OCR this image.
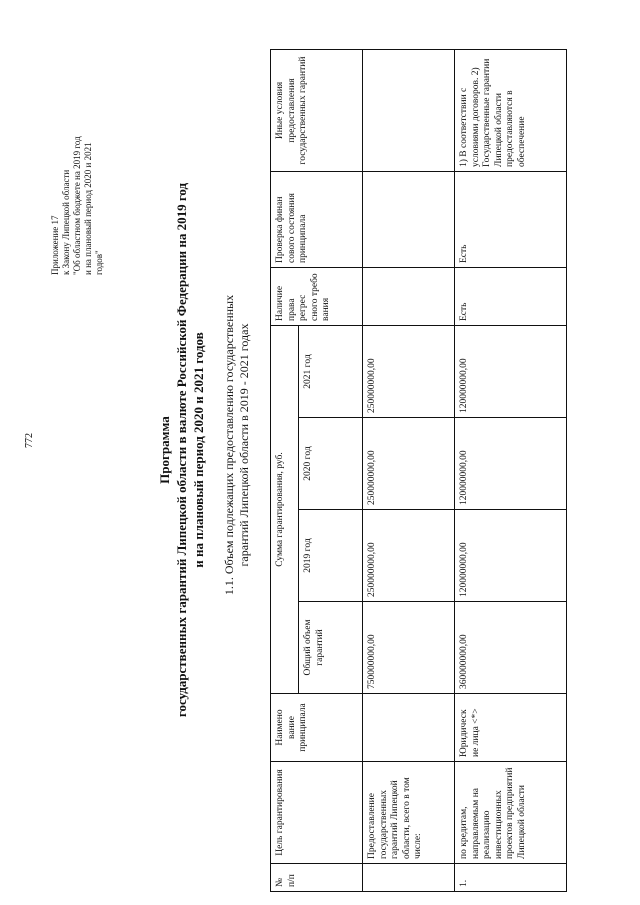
772
Приложение 17 к Закону Липецкой области "Об областном бюджете на 2019 год и на плановый период 2020 и 2021 годов"
Программа государственных гарантий Липецкой области в валюте Российской Федерации на 2019 год и на плановый период 2020 и 2021 годов 1.1. Объем подлежащих предоставлению государственных гарантий Липецкой области в 2019 - 2021 годах
№ п/п	Цель гарантирования	Наимено вание принципала	Сумма гарантирования, руб.				Наличие права регрес сного требо вания	Проверка финан сового состояния принципала	Иные условия предоставления государственных гарантий
			Общий объем гарантий	2019 год	2020 год	2021 год			
	Предоставление государственных гарантий Липецкой области, всего в том числе:		750000000,00	250000000,00	250000000,00	250000000,00			
1.	по кредитам, направляемым на реализацию инвестиционных проектов предприятий Липецкой области	Юридическ ие лица <*>	360000000,00	120000000,00	120000000,00	120000000,00	Есть	Есть	1) В соответствии с условиями договоров. 2) Государственные гарантии Липецкой области предоставляются в обеспечение
